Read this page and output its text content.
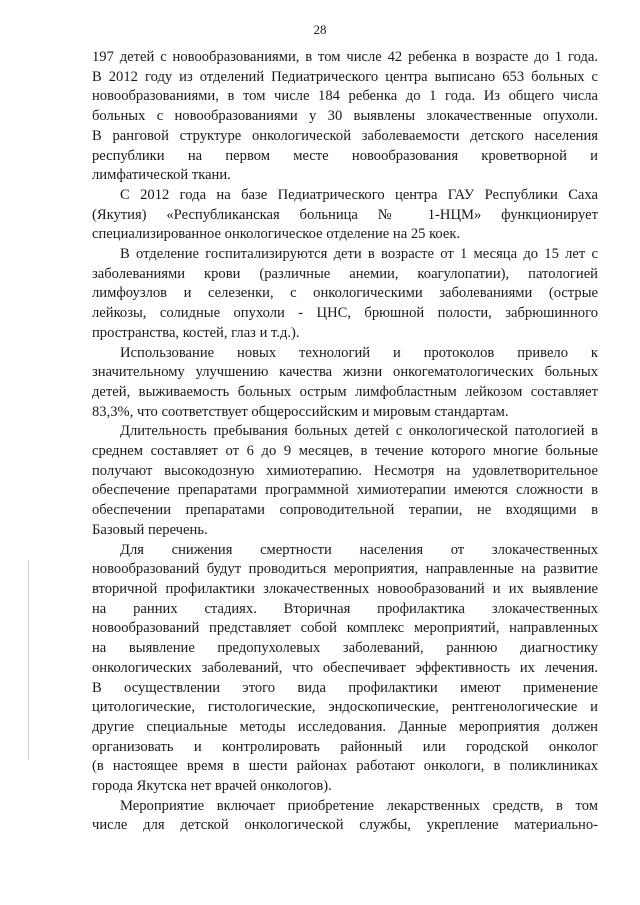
28
197 детей с новообразованиями, в том числе 42 ребенка в возрасте до 1 года.
В 2012 году из отделений Педиатрического центра выписано 653 больных с
новообразованиями, в том числе 184 ребенка до 1 года. Из общего числа
больных с новообразованиями у 30 выявлены злокачественные опухоли.
В ранговой структуре онкологической заболеваемости детского населения
республики на первом месте новообразования кроветворной и
лимфатической ткани.
С 2012 года на базе Педиатрического центра ГАУ Республики Саха
(Якутия) «Республиканская больница № 1-НЦМ» функционирует
специализированное онкологическое отделение на 25 коек.
В отделение госпитализируются дети в возрасте от 1 месяца до 15 лет с
заболеваниями крови (различные анемии, коагулопатии), патологией
лимфоузлов и селезенки, с онкологическими заболеваниями (острые
лейкозы, солидные опухоли - ЦНС, брюшной полости, забрюшинного
пространства, костей, глаз и т.д.).
Использование новых технологий и протоколов привело к
значительному улучшению качества жизни онкогематологических больных
детей, выживаемость больных острым лимфобластным лейкозом составляет
83,3%, что соответствует общероссийским и мировым стандартам.
Длительность пребывания больных детей с онкологической патологией в
среднем составляет от 6 до 9 месяцев, в течение которого многие больные
получают высокодозную химиотерапию. Несмотря на удовлетворительное
обеспечение препаратами программной химиотерапии имеются сложности в
обеспечении препаратами сопроводительной терапии, не входящими в
Базовый перечень.
Для снижения смертности населения от злокачественных
новообразований будут проводиться мероприятия, направленные на развитие
вторичной профилактики злокачественных новообразований и их выявление
на ранних стадиях. Вторичная профилактика злокачественных
новообразований представляет собой комплекс мероприятий, направленных
на выявление предопухолевых заболеваний, раннюю диагностику
онкологических заболеваний, что обеспечивает эффективность их лечения.
В осуществлении этого вида профилактики имеют применение
цитологические, гистологические, эндоскопические, рентгенологические и
другие специальные методы исследования. Данные мероприятия должен
организовать и контролировать районный или городской онколог
(в настоящее время в шести районах работают онкологи, в поликлиниках
города Якутска нет врачей онкологов).
Мероприятие включает приобретение лекарственных средств, в том
числе для детской онкологической службы, укрепление материально-
